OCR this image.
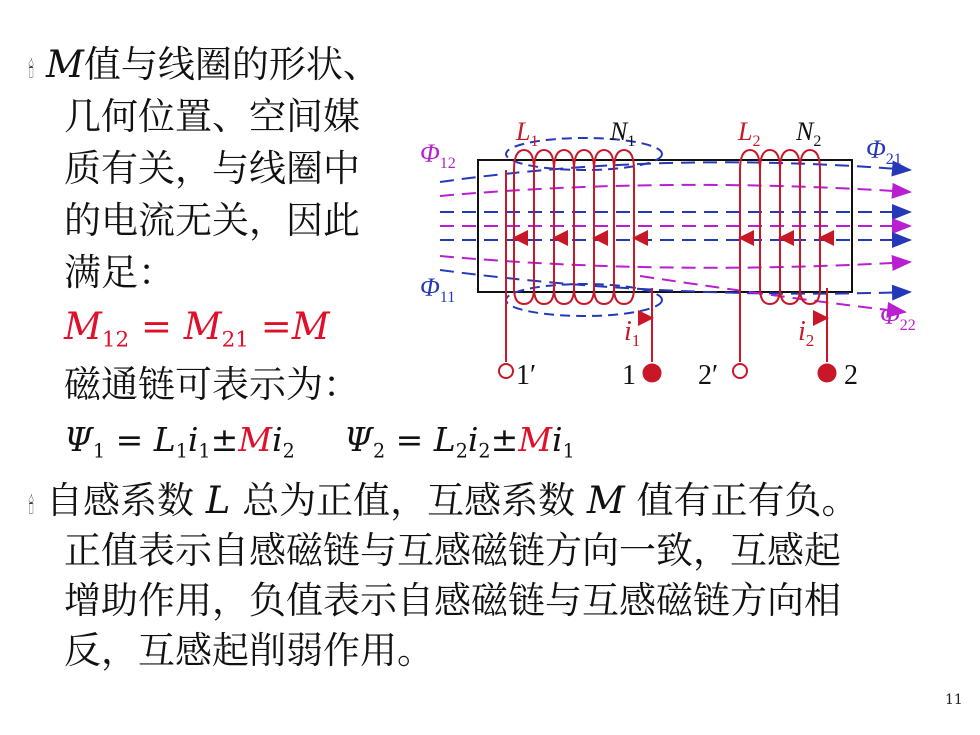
🕯 M值与线圈的形状、
几何位置、空间媒
质有关，与线圈中
的电流无关，因此
满足：
$M_{12} = M_{21} =M$
磁通链可表示为：
$\Psi_1 = L_1i_1\pm Mi_2$ $\Psi_2 = L_2i_2\pm Mi_1$
🕯 自感系数 L 总为正值，互感系数 M 值有正有负。
正值表示自感磁链与互感磁链方向一致，互感起
增助作用，负值表示自感磁链与互感磁链方向相
反，互感起削弱作用。
11
$\Phi_{12}$	$\Phi_{21}$
$\Phi_{11}$
$\Phi_{22}$
$L_1$	$N_1$	$L_2$ $N_2$
$i_1$	$i_2$
1′	1 2′	2
